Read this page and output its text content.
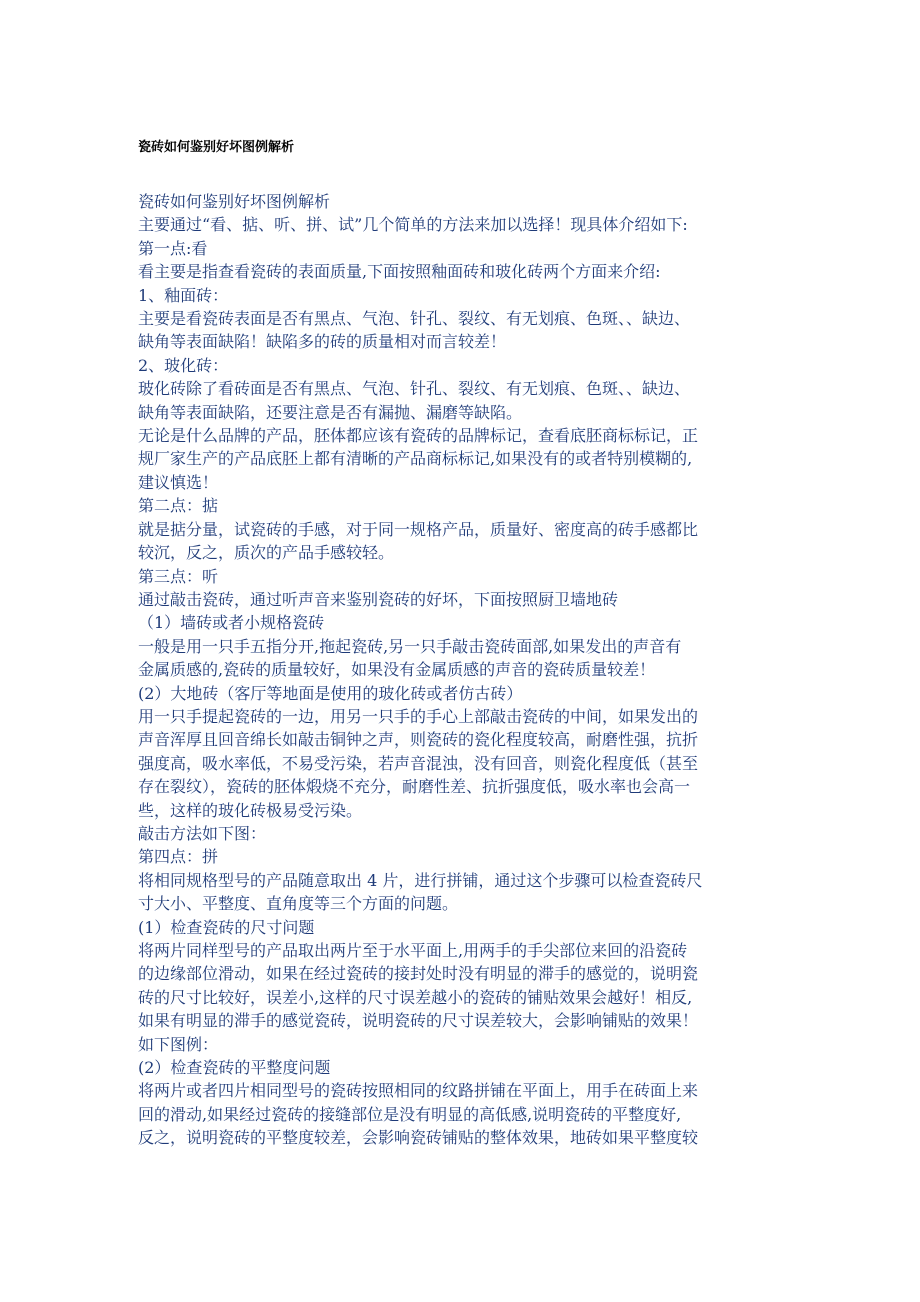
瓷砖如何鉴别好坏图例解析

瓷砖如何鉴别好坏图例解析

主要通过“看、掂、听、拼、试”几个简单的方法来加以选择！现具体介绍如下:

第一点:看

看主要是指查看瓷砖的表面质量,下面按照釉面砖和玻化砖两个方面来介绍:

1、釉面砖：

主要是看瓷砖表面是否有黑点、气泡、针孔、裂纹、有无划痕、色斑、、缺边、

缺角等表面缺陷！缺陷多的砖的质量相对而言较差！

2、玻化砖：

玻化砖除了看砖面是否有黑点、气泡、针孔、裂纹、有无划痕、色斑、、缺边、

缺角等表面缺陷，还要注意是否有漏抛、漏磨等缺陷。

无论是什么品牌的产品，胚体都应该有瓷砖的品牌标记，查看底胚商标标记，正

规厂家生产的产品底胚上都有清晰的产品商标标记,如果没有的或者特别模糊的,

建议慎选！

第二点：掂

就是掂分量，试瓷砖的手感，对于同一规格产品，质量好、密度高的砖手感都比

较沉，反之，质次的产品手感较轻。

第三点：听

通过敲击瓷砖，通过听声音来鉴别瓷砖的好坏，下面按照厨卫墙地砖

（1）墙砖或者小规格瓷砖

一般是用一只手五指分开,拖起瓷砖,另一只手敲击瓷砖面部,如果发出的声音有

金属质感的,瓷砖的质量较好，如果没有金属质感的声音的瓷砖质量较差！

(2）大地砖（客厅等地面是使用的玻化砖或者仿古砖）

用一只手提起瓷砖的一边，用另一只手的手心上部敲击瓷砖的中间，如果发出的

声音浑厚且回音绵长如敲击铜钟之声，则瓷砖的瓷化程度较高，耐磨性强，抗折

强度高，吸水率低，不易受污染，若声音混浊，没有回音，则瓷化程度低（甚至

存在裂纹），瓷砖的胚体煅烧不充分，耐磨性差、抗折强度低，吸水率也会高一

些，这样的玻化砖极易受污染。

敲击方法如下图：

第四点：拼

将相同规格型号的产品随意取出 4 片，进行拼铺，通过这个步骤可以检查瓷砖尺

寸大小、平整度、直角度等三个方面的问题。

(1）检查瓷砖的尺寸问题

将两片同样型号的产品取出两片至于水平面上,用两手的手尖部位来回的沿瓷砖

的边缘部位滑动，如果在经过瓷砖的接封处时没有明显的滞手的感觉的，说明瓷

砖的尺寸比较好，误差小,这样的尺寸误差越小的瓷砖的铺贴效果会越好！相反,

如果有明显的滞手的感觉瓷砖，说明瓷砖的尺寸误差较大，会影响铺贴的效果！

如下图例：

(2）检查瓷砖的平整度问题

将两片或者四片相同型号的瓷砖按照相同的纹路拼铺在平面上，用手在砖面上来

回的滑动,如果经过瓷砖的接缝部位是没有明显的高低感,说明瓷砖的平整度好,

反之，说明瓷砖的平整度较差，会影响瓷砖铺贴的整体效果，地砖如果平整度较
